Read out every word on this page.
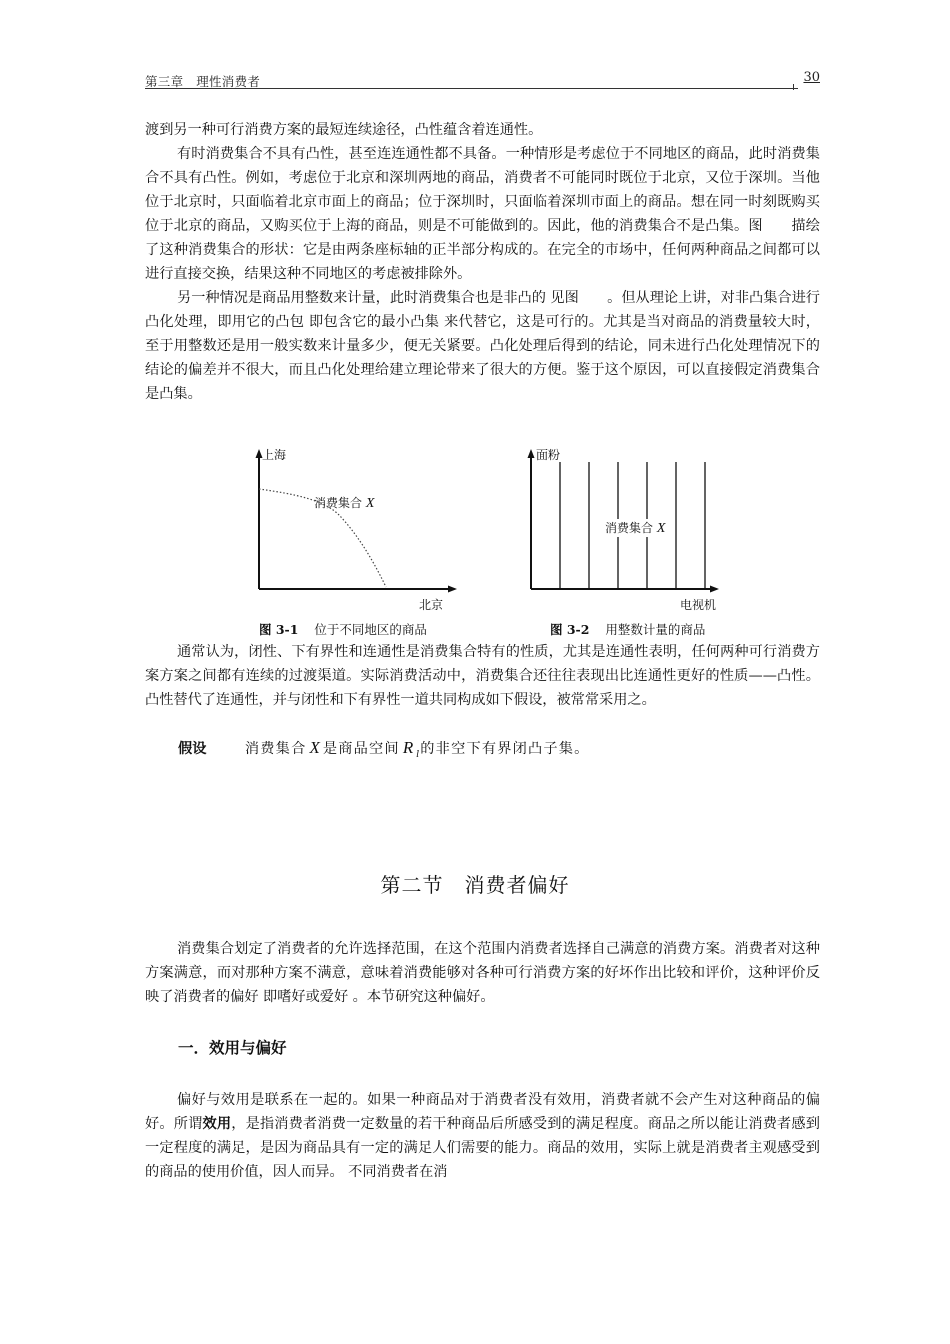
第三章　理性消费者	30

渡到另一种可行消费方案的最短连续途径，凸性蕴含着连通性。

有时消费集合不具有凸性，甚至连连通性都不具备。一种情形是考虑位于不同地区的商品，此时消费集合不具有凸性。例如，考虑位于北京和深圳两地的商品，消费者不可能同时既位于北京，又位于深圳。当他位于北京时，只面临着北京市面上的商品；位于深圳时，只面临着深圳市面上的商品。想在同一时刻既购买位于北京的商品，又购买位于上海的商品，则是不可能做到的。因此，他的消费集合不是凸集。图　　描绘了这种消费集合的形状：它是由两条座标轴的正半部分构成的。在完全的市场中，任何两种商品之间都可以进行直接交换，结果这种不同地区的考虑被排除外。

另一种情况是商品用整数来计量，此时消费集合也是非凸的 见图　　。但从理论上讲，对非凸集合进行凸化处理，即用它的凸包 即包含它的最小凸集 来代替它，这是可行的。尤其是当对商品的消费量较大时，至于用整数还是用一般实数来计量多少，便无关紧要。凸化处理后得到的结论，同未进行凸化处理情况下的结论的偏差并不很大，而且凸化处理给建立理论带来了很大的方便。鉴于这个原因，可以直接假定消费集合是凸集。

上海
北京
消费集合 X
图 3-1 位于不同地区的商品
面粉
电视机
消费集合 X
图 3-2 用整数计量的商品

通常认为，闭性、下有界性和连通性是消费集合特有的性质，尤其是连通性表明，任何两种可行消费方案方案之间都有连续的过渡渠道。实际消费活动中，消费集合还往往表现出比连通性更好的性质——凸性。凸性替代了连通性，并与闭性和下有界性一道共同构成如下假设，被常常采用之。

假设	消费集合 X 是商品空间 R $_l$的非空下有界闭凸子集。
第二节　消费者偏好

消费集合划定了消费者的允许选择范围，在这个范围内消费者选择自己满意的消费方案。消费者对这种方案满意，而对那种方案不满意，意味着消费能够对各种可行消费方案的好坏作出比较和评价，这种评价反映了消费者的偏好 即嗜好或爱好 。本节研究这种偏好。

一．效用与偏好

偏好与效用是联系在一起的。如果一种商品对于消费者没有效用，消费者就不会产生对这种商品的偏好。所谓效用，是指消费者消费一定数量的若干种商品后所感受到的满足程度。商品之所以能让消费者感到一定程度的满足，是因为商品具有一定的满足人们需要的能力。商品的效用，实际上就是消费者主观感受到的商品的使用价值，因人而异。 不同消费者在消
